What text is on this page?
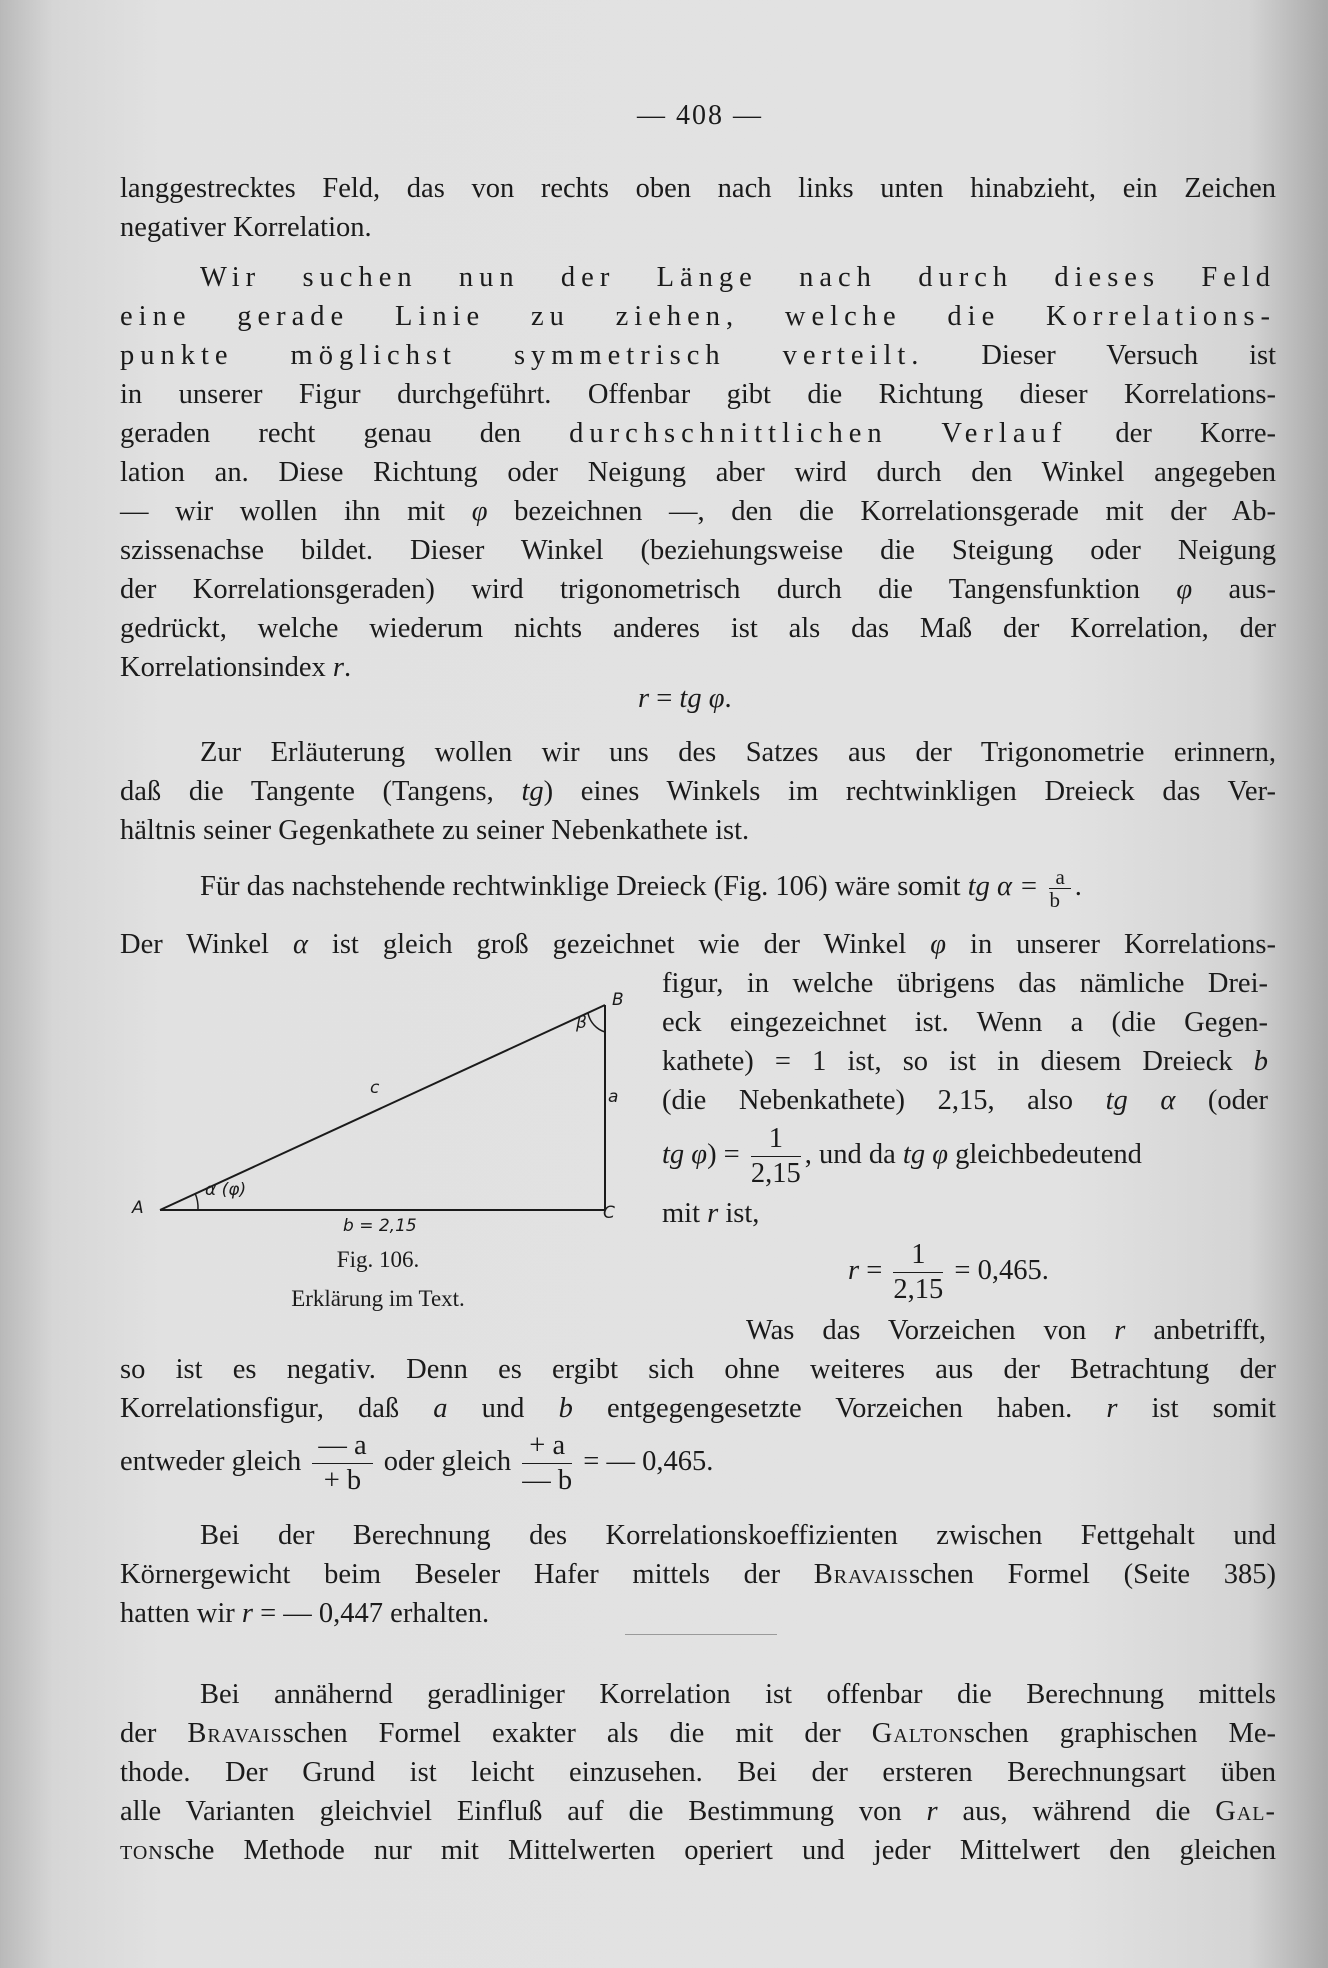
— 408 —
langgestrecktes Feld, das von rechts oben nach links unten hinabzieht, ein Zeichen
negativer Korrelation.
Wir suchen nun der Länge nach durch dieses Feld
eine gerade Linie zu ziehen, welche die Korrelations-
punkte möglichst symmetrisch verteilt. Dieser Versuch ist
in unserer Figur durchgeführt. Offenbar gibt die Richtung dieser Korrelations-
geraden recht genau den durchschnittlichen Verlauf der Korre-
lation an. Diese Richtung oder Neigung aber wird durch den Winkel angegeben
— wir wollen ihn mit φ bezeichnen —, den die Korrelationsgerade mit der Ab-
szissenachse bildet. Dieser Winkel (beziehungsweise die Steigung oder Neigung
der Korrelationsgeraden) wird trigonometrisch durch die Tangensfunktion φ aus-
gedrückt, welche wiederum nichts anderes ist als das Maß der Korrelation, der
Korrelationsindex r.
r = tg φ.
Zur Erläuterung wollen wir uns des Satzes aus der Trigonometrie erinnern,
daß die Tangente (Tangens, tg) eines Winkels im rechtwinkligen Dreieck das Ver-
hältnis seiner Gegenkathete zu seiner Nebenkathete ist.
Für das nachstehende rechtwinklige Dreieck (Fig. 106) wäre somit tg $\alpha = \frac{a}{b}$ .
Der Winkel α ist gleich groß gezeichnet wie der Winkel φ in unserer Korrelations-
A
B
C
c	a
β
α (φ)
b = 2,15
Fig. 106.
Erklärung im Text.
figur, in welche übrigens das nämliche Drei-
eck eingezeichnet ist. Wenn a (die Gegen-
kathete) = 1 ist, so ist in diesem Dreieck b
(die Nebenkathete) 2,15, also tg α (oder
tg $\varphi) = \frac{1}{2,15}$ , und da tg φ gleichbedeutend
mit r ist,
$r = \frac{1}{2,15} = 0,465$.
Was das Vorzeichen von r anbetrifft,
so ist es negativ. Denn es ergibt sich ohne weiteres aus der Betrachtung der
Korrelationsfigur, daß a und b entgegengesetzte Vorzeichen haben. r ist somit
entweder gleich $\frac{— a}{+ b}$ oder gleich $\frac{+ a}{— b}$ = — 0,465.
Bei der Berechnung des Korrelationskoeffizienten zwischen Fettgehalt und
Körnergewicht beim Beseler Hafer mittels der Bravaisschen Formel (Seite 385)
hatten wir r = — 0,447 erhalten.
Bei annähernd geradliniger Korrelation ist offenbar die Berechnung mittels
der Bravaisschen Formel exakter als die mit der Galtonschen graphischen Me-
thode. Der Grund ist leicht einzusehen. Bei der ersteren Berechnungsart üben
alle Varianten gleichviel Einfluß auf die Bestimmung von r aus, während die Gal-
tonsche Methode nur mit Mittelwerten operiert und jeder Mittelwert den gleichen
